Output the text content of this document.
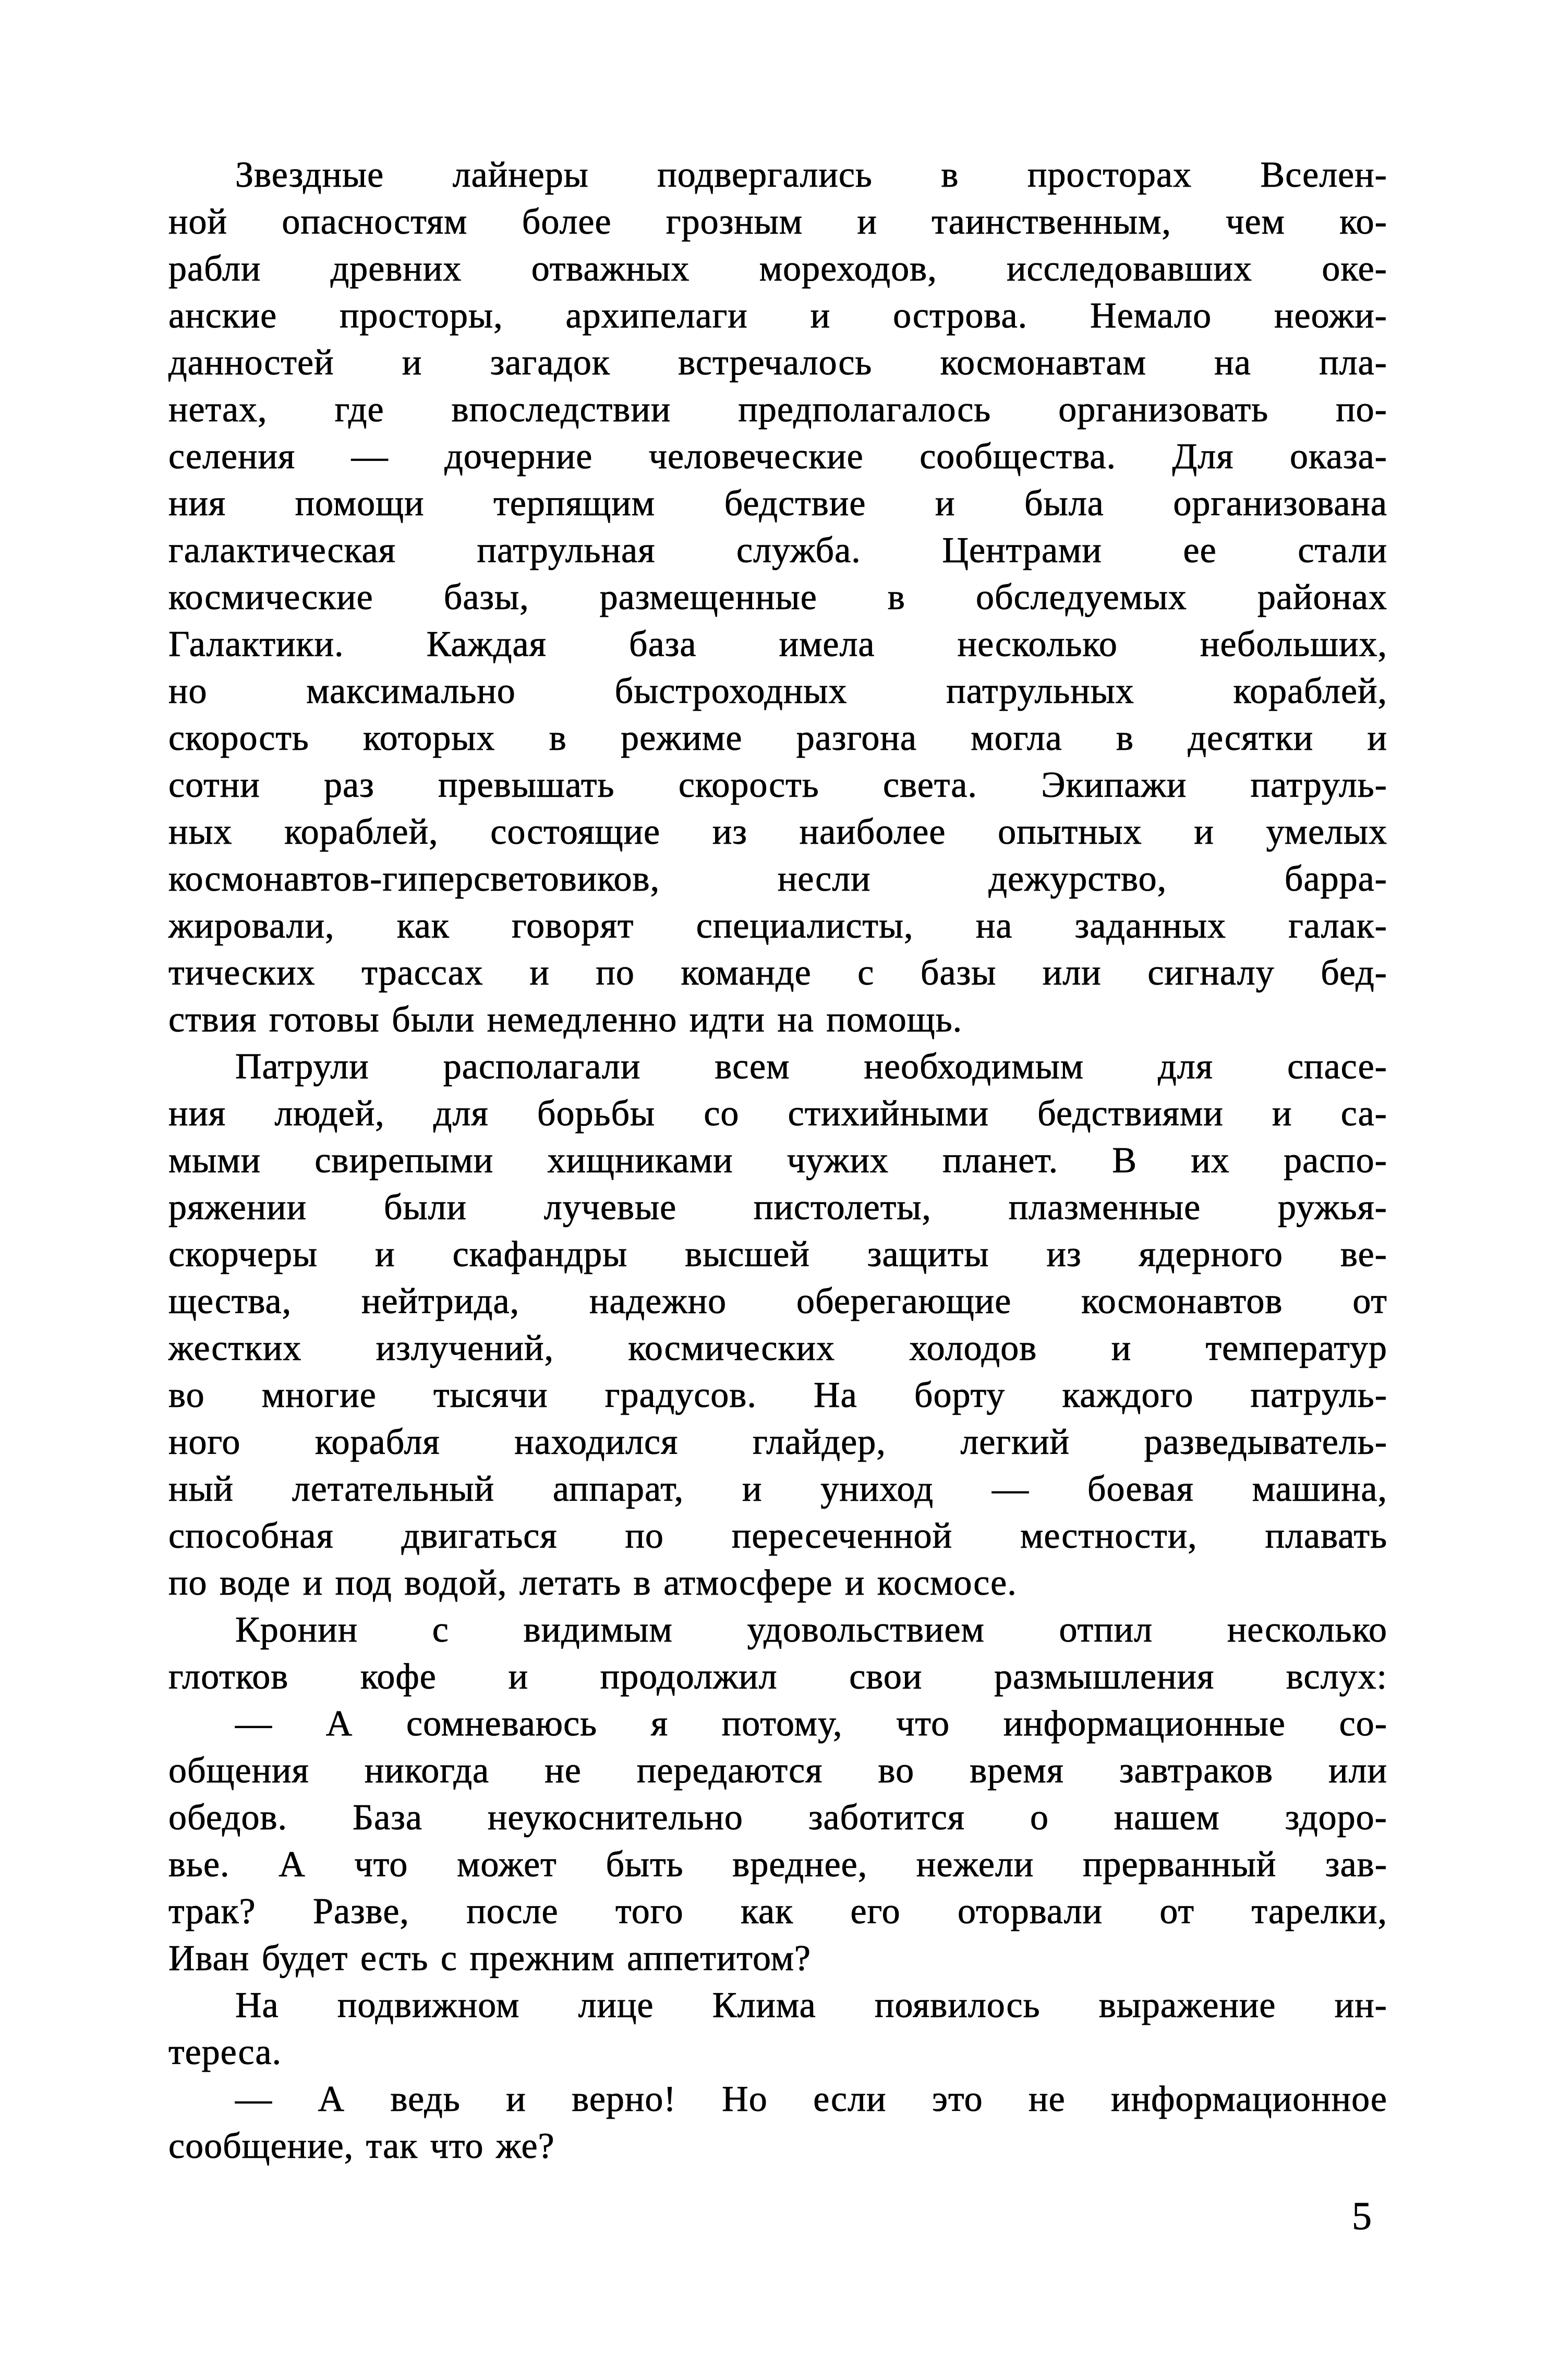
Звездные лайнеры подвергались в просторах Вселен-
ной опасностям более грозным и таинственным, чем ко-
рабли древних отважных мореходов, исследовавших оке-
анские просторы, архипелаги и острова. Немало неожи-
данностей и загадок встречалось космонавтам на пла-
нетах, где впоследствии предполагалось организовать по-
селения — дочерние человеческие сообщества. Для оказа-
ния помощи терпящим бедствие и была организована
галактическая патрульная служба. Центрами ее стали
космические базы, размещенные в обследуемых районах
Галактики. Каждая база имела несколько небольших,
но максимально быстроходных патрульных кораблей,
скорость которых в режиме разгона могла в десятки и
сотни раз превышать скорость света. Экипажи патруль-
ных кораблей, состоящие из наиболее опытных и умелых
космонавтов-гиперсветовиков, несли дежурство, барра-
жировали, как говорят специалисты, на заданных галак-
тических трассах и по команде с базы или сигналу бед-
ствия готовы были немедленно идти на помощь.
Патрули располагали всем необходимым для спасе-
ния людей, для борьбы со стихийными бедствиями и са-
мыми свирепыми хищниками чужих планет. В их распо-
ряжении были лучевые пистолеты, плазменные ружья-
скорчеры и скафандры высшей защиты из ядерного ве-
щества, нейтрида, надежно оберегающие космонавтов от
жестких излучений, космических холодов и температур
во многие тысячи градусов. На борту каждого патруль-
ного корабля находился глайдер, легкий разведыватель-
ный летательный аппарат, и униход — боевая машина,
способная двигаться по пересеченной местности, плавать
по воде и под водой, летать в атмосфере и космосе.
Кронин с видимым удовольствием отпил несколько
глотков кофе и продолжил свои размышления вслух:
— А сомневаюсь я потому, что информационные со-
общения никогда не передаются во время завтраков или
обедов. База неукоснительно заботится о нашем здоро-
вье. А что может быть вреднее, нежели прерванный зав-
трак? Разве, после того как его оторвали от тарелки,
Иван будет есть с прежним аппетитом?
На подвижном лице Клима появилось выражение ин-
тереса.
— А ведь и верно! Но если это не информационное
сообщение, так что же?
5
